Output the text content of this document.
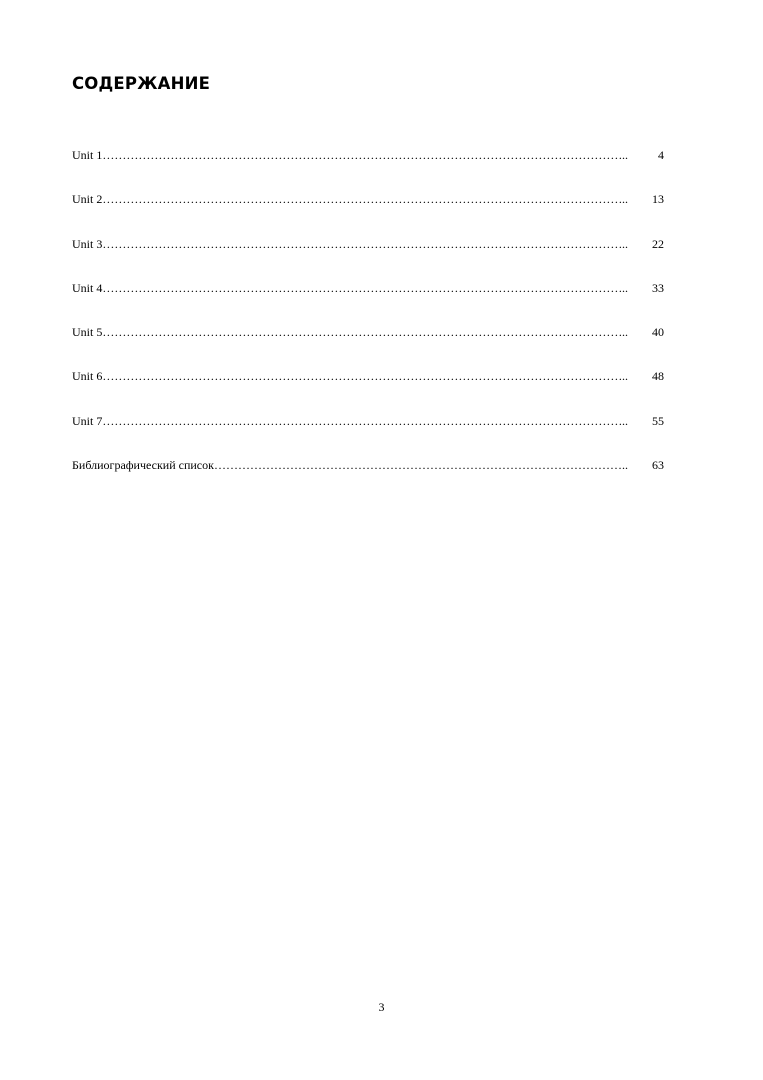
СОДЕРЖАНИЕ
Unit 1 ………………………………………………………………………………………………………………………………………………………………………………………………………………	..	4
Unit 2 ………………………………………………………………………………………………………………………………………………………………………………………………………………	.. 13
Unit 3 ………………………………………………………………………………………………………………………………………………………………………………………………………………	.. 22
Unit 4 ………………………………………………………………………………………………………………………………………………………………………………………………………………	.. 33
Unit 5 ………………………………………………………………………………………………………………………………………………………………………………………………………………	.. 40
Unit 6 ………………………………………………………………………………………………………………………………………………………………………………………………………………	.. 48
Unit 7 ………………………………………………………………………………………………………………………………………………………………………………………………………………	.. 55
Библиографический список ………………………………………………………………………………………………………………………………………………………………………………………………………………	.. 63
3
